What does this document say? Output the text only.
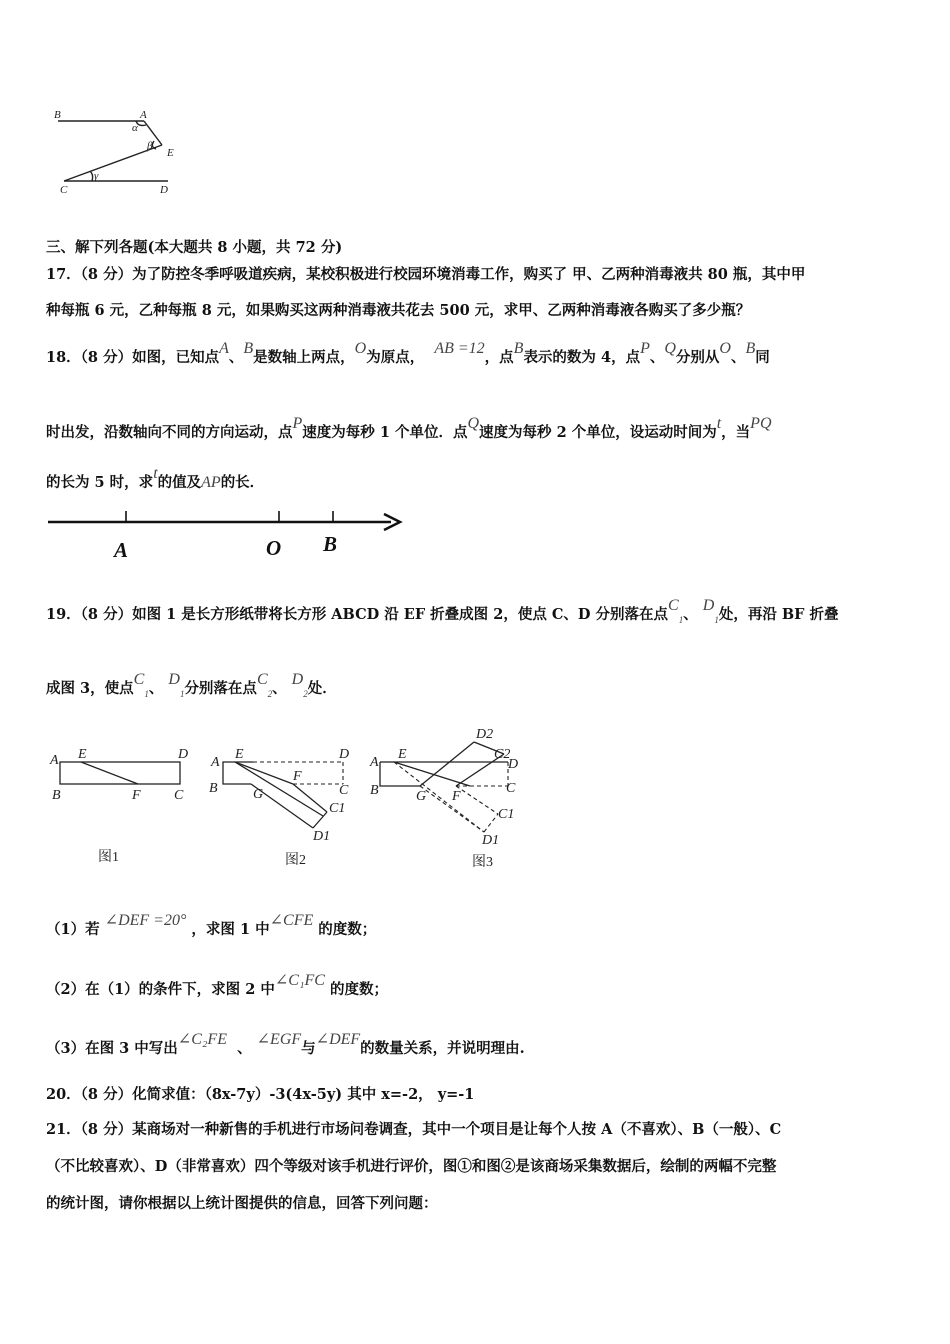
B	A
α
β
E
C
γ
D
三、解下列各题(本大题共 8 小题，共 72 分)
17．（8 分）为了防控冬季呼吸道疾病，某校积极进行校园环境消毒工作，购买了 甲、乙两种消毒液共 80 瓶，其中甲
种每瓶 6 元，乙种每瓶 8 元，如果购买这两种消毒液共花去 500 元，求甲、乙两种消毒液各购买了多少瓶？
18．（8 分）如图，已知点A、B是数轴上两点，O为原点，  AB =12，点B表示的数为 4，点P、Q分别从O、B同
时出发，沿数轴向不同的方向运动，点P速度为每秒 1 个单位．点Q速度为每秒 2 个单位，设运动时间为t，当PQ
的长为 5 时，求t的值及AP的长．
A	O B
19．（8 分）如图 1 是长方形纸带将长方形 ABCD 沿 EF 折叠成图 2，使点 C、D 分别落在点$C_1$、 $D_1$处，再沿 BF 折叠
成图 3，使点$C_1$、 $D_1$分别落在点$C_2$、 $D_2$处．
A E	D
B	F C
图1
A
E	D
B	G
F
C
C1
D1
图2
A
E
D2
C2
D
B	G F
C
C1
D1
图3
（1）若 ∠DEF =20° ，求图 1 中∠CFE 的度数；
（2）在（1）的条件下，求图 2 中∠C₁FC 的度数；
（3）在图 3 中写出∠C₂FE  、 ∠EGF与∠DEF的数量关系，并说明理由.
20．（8 分）化简求值：（8x-7y）-3(4x-5y) 其中 x=-2， y=-1
21．（8 分）某商场对一种新售的手机进行市场问卷调查，其中一个项目是让每个人按 A（不喜欢）、B（一般）、C
（不比较喜欢）、D（非常喜欢）四个等级对该手机进行评价，图①和图②是该商场采集数据后，绘制的两幅不完整
的统计图，请你根据以上统计图提供的信息，回答下列问题：
